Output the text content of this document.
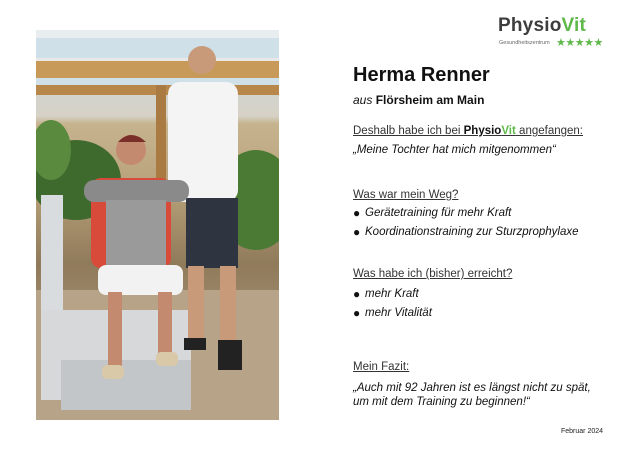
PhysioVit
Gesundheitszentrum ★★★★★
Herma Renner
aus Flörsheim am Main
Deshalb habe ich bei PhysioVit angefangen:
„Meine Tochter hat mich mitgenommen“
Was war mein Weg?
● Gerätetraining für mehr Kraft
● Koordinationstraining zur Sturzprophylaxe
Was habe ich (bisher) erreicht?
● mehr Kraft
● mehr Vitalität
Mein Fazit:
„Auch mit 92 Jahren ist es längst nicht zu spät,
um mit dem Training zu beginnen!“
Februar 2024
